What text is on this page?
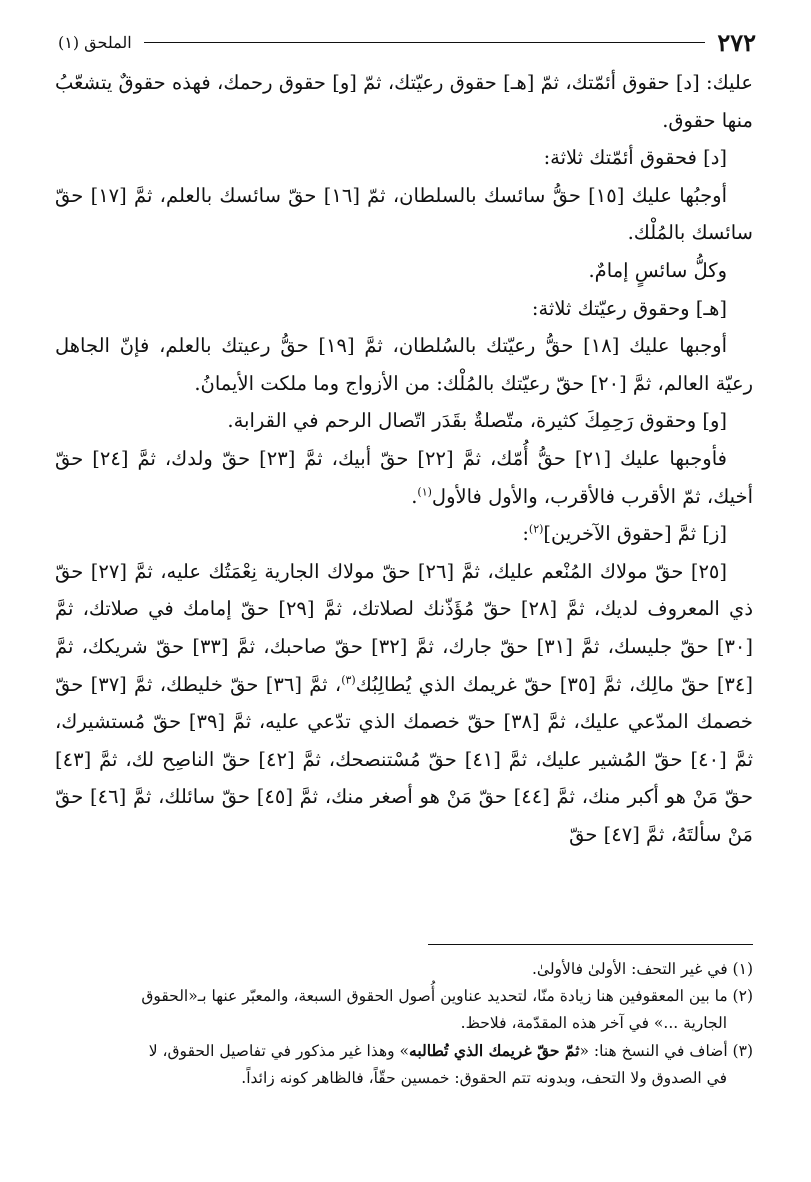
الملحق (١)	٢٧٢

عليك: [د] حقوق أئمّتك، ثمّ [هـ] حقوق رعيّتك، ثمّ [و] حقوق رحمك، فهذه حقوقٌ يتشعّبُ منها حقوق.

[د] فحقوق أئمّتك ثلاثة:

أوجبُها عليك [١٥] حقُّ سائسك بالسلطان، ثمّ [١٦] حقّ سائسك بالعلم، ثمَّ [١٧] حقّ سائسك بالمُلْك.

وكلُّ سائسٍ إمامٌ.

[هـ] وحقوق رعيّتك ثلاثة:

أوجبها عليك [١٨] حقُّ رعيّتك بالسُلطان، ثمَّ [١٩] حقُّ رعيتك بالعلم، فإنّ الجاهل رعيّة العالم، ثمَّ [٢٠] حقّ رعيّتك بالمُلْك: من الأزواج وما ملكت الأيمانُ.

[و] وحقوق رَحِمِكَ كثيرة، متّصلةٌ بقَدَر اتّصال الرحم في القرابة.

فأوجبها عليك [٢١] حقُّ أُمّك، ثمَّ [٢٢] حقّ أبيك، ثمَّ [٢٣] حقّ ولدك، ثمَّ [٢٤] حقّ أخيك، ثمّ الأقرب فالأقرب، والأول فالأول$^{(١)}$.

[ز] ثمَّ [حقوق الآخرين]$^{(٢)}$:

[٢٥] حقّ مولاك المُنْعم عليك، ثمَّ [٢٦] حقّ مولاك الجارية نِعْمَتُك عليه، ثمَّ [٢٧] حقّ ذي المعروف لديك، ثمَّ [٢٨] حقّ مُؤَذّنك لصلاتك، ثمَّ [٢٩] حقّ إمامك في صلاتك، ثمَّ [٣٠] حقّ جليسك، ثمَّ [٣١] حقّ جارك، ثمَّ [٣٢] حقّ صاحبك، ثمَّ [٣٣] حقّ شريكك، ثمَّ [٣٤] حقّ مالِك، ثمَّ [٣٥] حقّ غريمك الذي يُطالِبُك$^{(٣)}$، ثمَّ [٣٦] حقّ خليطك، ثمَّ [٣٧] حقّ خصمك المدّعي عليك، ثمَّ [٣٨] حقّ خصمك الذي تدّعي عليه، ثمَّ [٣٩] حقّ مُستشيرك، ثمَّ [٤٠] حقّ المُشير عليك، ثمَّ [٤١] حقّ مُسْتنصحك، ثمَّ [٤٢] حقّ الناصِح لك، ثمَّ [٤٣] حقّ مَنْ هو أكبر منك، ثمَّ [٤٤] حقّ مَنْ هو أصغر منك، ثمَّ [٤٥] حقّ سائلك، ثمَّ [٤٦] حقّ مَنْ سألتَهُ، ثمَّ [٤٧] حقّ

(١) في غير التحف: الأولىٰ فالأولىٰ.

(٢) ما بين المعقوفين هنا زيادة منّا، لتحديد عناوين أُصول الحقوق السبعة، والمعبّر عنها بـ«الحقوق

الجارية ...» في آخر هذه المقدّمة، فلاحظ.

(٣) أضاف في النسخ هنا: «ثمّ حقّ غريمك الذي تُطالبه» وهذا غير مذكور في تفاصيل الحقوق، لا

في الصدوق ولا التحف، وبدونه تتم الحقوق: خمسين حقّاً، فالظاهر كونه زائداً.
